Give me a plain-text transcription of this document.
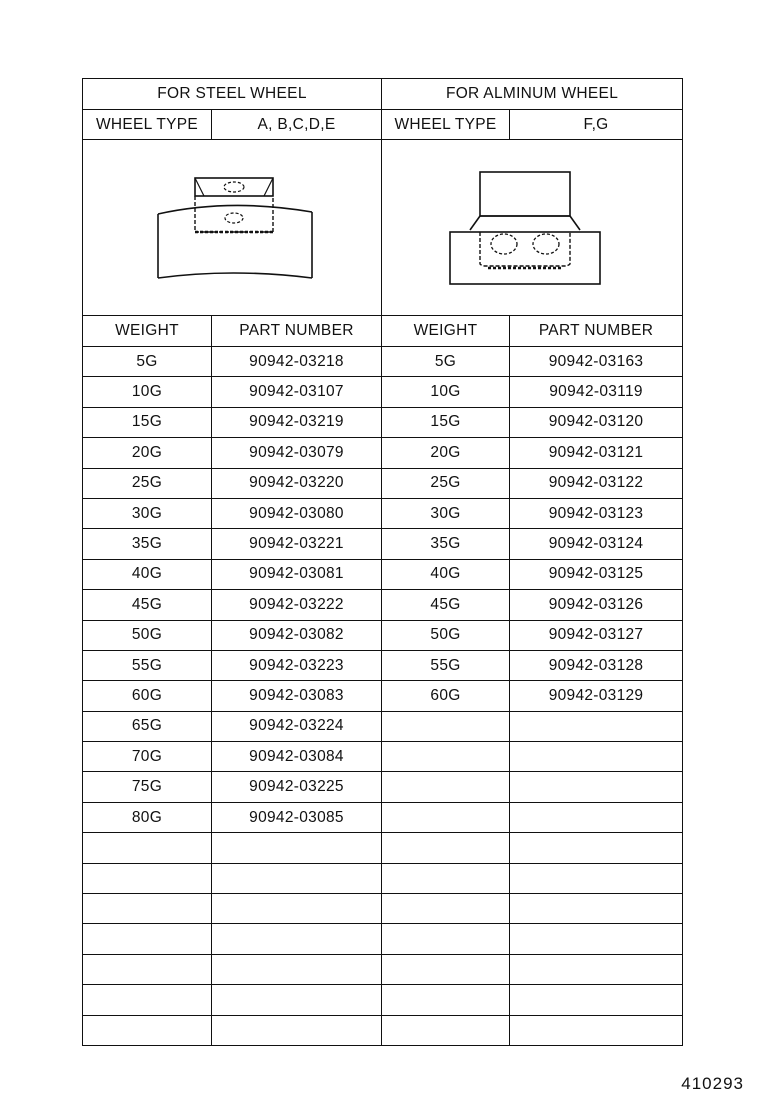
FOR STEEL WHEEL		FOR ALMINUM WHEEL	
WHEEL TYPE	A, B,C,D,E	WHEEL TYPE	F,G

WEIGHT	PART NUMBER	WEIGHT	PART NUMBER
5G	90942-03218	5G	90942-03163
10G	90942-03107	10G	90942-03119
15G	90942-03219	15G	90942-03120
20G	90942-03079	20G	90942-03121
25G	90942-03220	25G	90942-03122
30G	90942-03080	30G	90942-03123
35G	90942-03221	35G	90942-03124
40G	90942-03081	40G	90942-03125
45G	90942-03222	45G	90942-03126
50G	90942-03082	50G	90942-03127
55G	90942-03223	55G	90942-03128
60G	90942-03083	60G	90942-03129
65G	90942-03224		
70G	90942-03084		
75G	90942-03225		
80G	90942-03085		

410293
